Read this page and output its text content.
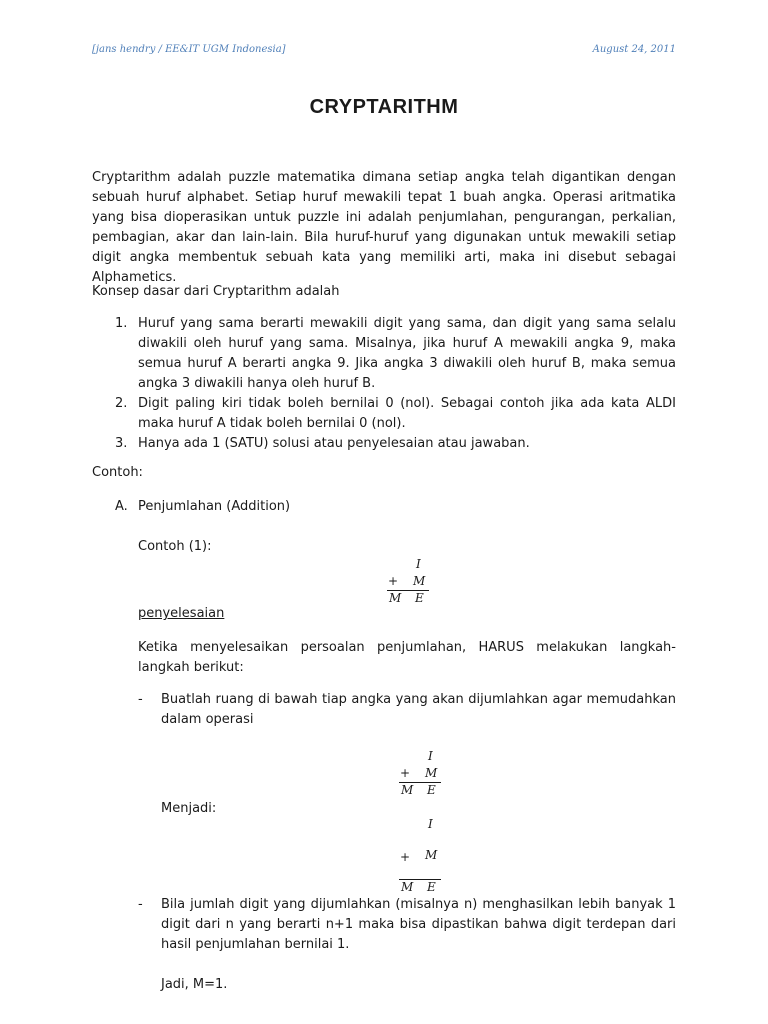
[jans hendry / EE&IT UGM Indonesia]	August 24, 2011
CRYPTARITHM

Cryptarithm adalah puzzle matematika dimana setiap angka telah digantikan dengan sebuah huruf alphabet. Setiap huruf mewakili tepat 1 buah angka. Operasi aritmatika yang bisa dioperasikan untuk puzzle ini adalah penjumlahan, pengurangan, perkalian, pembagian, akar dan lain-lain. Bila huruf-huruf yang digunakan untuk mewakili setiap digit angka membentuk sebuah kata yang memiliki arti, maka ini disebut sebagai Alphametics.

Konsep dasar dari Cryptarithm adalah

1. Huruf yang sama berarti mewakili digit yang sama, dan digit yang sama selalu diwakili oleh huruf yang sama. Misalnya, jika huruf A mewakili angka 9, maka semua huruf A berarti angka 9. Jika angka 3 diwakili oleh huruf B, maka semua angka 3 diwakili hanya oleh huruf B.
2. Digit paling kiri tidak boleh bernilai 0 (nol). Sebagai contoh jika ada kata ALDI maka huruf A tidak boleh bernilai 0 (nol).
3. Hanya ada 1 (SATU) solusi atau penyelesaian atau jawaban.

Contoh:

A. Penjumlahan (Addition)

Contoh (1):

I
+ M
M E

penyelesaian

Ketika menyelesaikan persoalan penjumlahan, HARUS melakukan langkah-langkah berikut:

- Buatlah ruang di bawah tiap angka yang akan dijumlahkan agar memudahkan dalam operasi
I
+ M
M E

Menjadi:

I
+ M
M E
- Bila jumlah digit yang dijumlahkan (misalnya n) menghasilkan lebih banyak 1 digit dari n yang berarti n+1 maka bisa dipastikan bahwa digit terdepan dari hasil penjumlahan bernilai 1.

Jadi, M=1.
